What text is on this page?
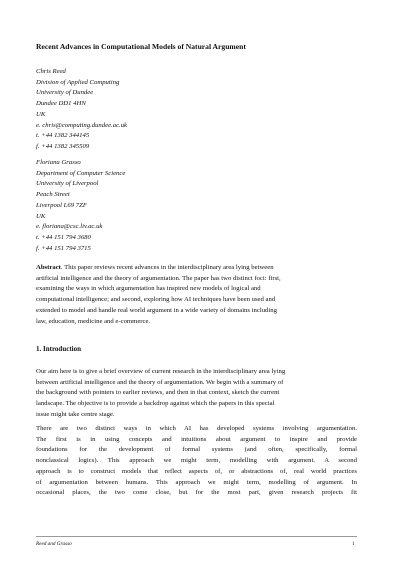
Recent Advances in Computational Models of Natural Argument
Chris Reed
Division of Applied Computing
University of Dundee
Dundee DD1 4HN
UK
e. chris@computing.dundee.ac.uk
t. +44 1382 344145
f. +44 1382 345509
Floriana Grasso
Department of Computer Science
University of Liverpool
Peach Street
Liverpool L69 7ZF
UK
e. floriana@csc.liv.ac.uk
t. +44 151 794 3680
f. +44 151 794 3715
Abstract. This paper reviews recent advances in the interdisciplinary area lying between
artificial intelligence and the theory of argumentation. The paper has two distinct foci: first,
examining the ways in which argumentation has inspired new models of logical and
computational intelligence; and second, exploring how AI techniques have been used and
extended to model and handle real world argument in a wide variety of domains including
law, education, medicine and e-commerce.
1. Introduction
Our aim here is to give a brief overview of current research in the interdisciplinary area lying
between artificial intelligence and the theory of argumentation. We begin with a summary of
the background with pointers to earlier reviews, and then in that context, sketch the current
landscape. The objective is to provide a backdrop against which the papers in this special
issue might take centre stage.
There are two distinct ways in which AI has developed systems involving argumentation.
The first is in using concepts and intuitions about argument to inspire and provide
foundations for the development of formal systems (and often, specifically, formal
nonclassical logics). This approach we might term, modelling with argument. A second
approach is to construct models that reflect aspects of, or abstractions of, real world practices
of argumentation between humans. This approach we might term, modelling of argument. In
occasional places, the two come close, but for the most part, given research projects fit
Reed and Grasso	1
